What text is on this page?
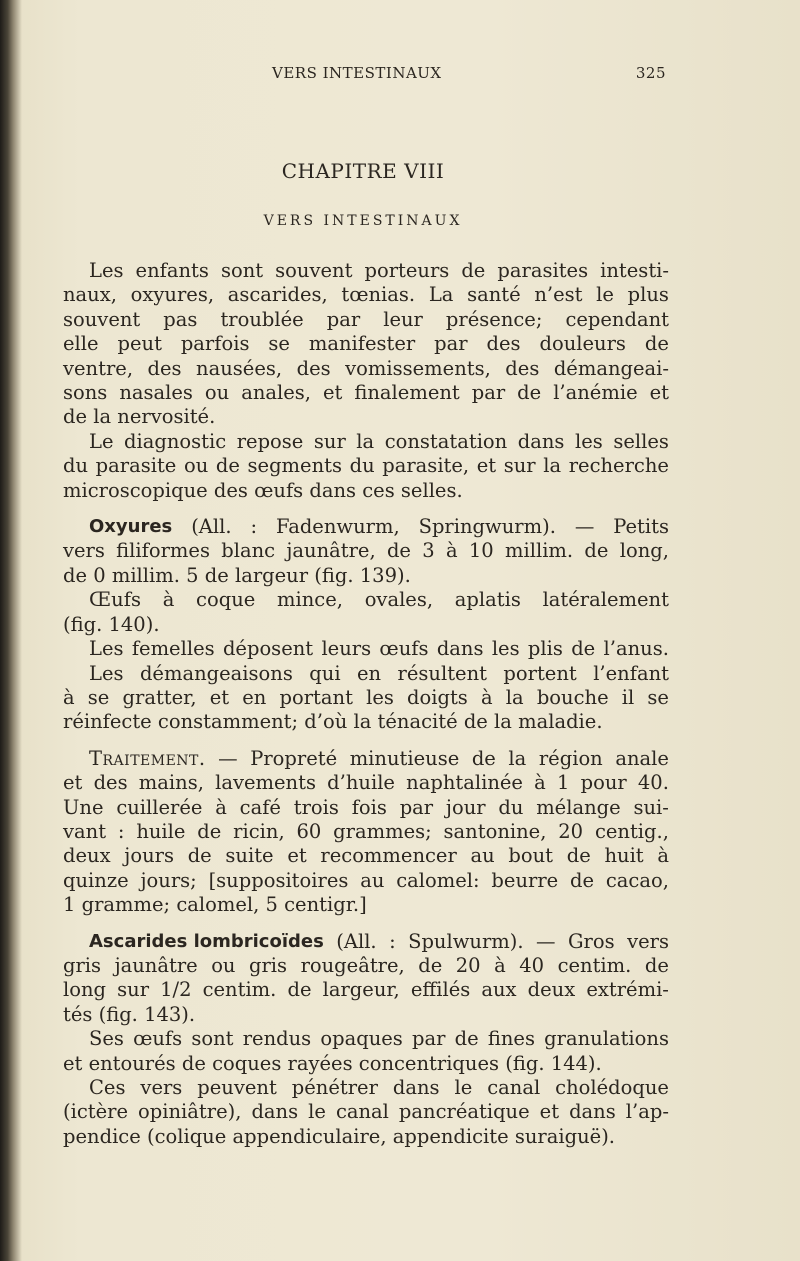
VERS INTESTINAUX	325
CHAPITRE VIII
VERS INTESTINAUX
Les enfants sont souvent porteurs de parasites intesti-
naux, oxyures, ascarides, tœnias. La santé n’est le plus
souvent pas troublée par leur présence; cependant
elle peut parfois se manifester par des douleurs de
ventre, des nausées, des vomissements, des démangeai-
sons nasales ou anales, et finalement par de l’anémie et
de la nervosité.
Le diagnostic repose sur la constatation dans les selles
du parasite ou de segments du parasite, et sur la recherche
microscopique des œufs dans ces selles.
Oxyures (All. : Fadenwurm, Springwurm). — Petits
vers filiformes blanc jaunâtre, de 3 à 10 millim. de long,
de 0 millim. 5 de largeur (fig. 139).
Œufs à coque mince, ovales, aplatis latéralement
(fig. 140).
Les femelles déposent leurs œufs dans les plis de l’anus.
Les démangeaisons qui en résultent portent l’enfant
à se gratter, et en portant les doigts à la bouche il se
réinfecte constamment; d’où la ténacité de la maladie.
Traitement. — Propreté minutieuse de la région anale
et des mains, lavements d’huile naphtalinée à 1 pour 40.
Une cuillerée à café trois fois par jour du mélange sui-
vant : huile de ricin, 60 grammes; santonine, 20 centig.,
deux jours de suite et recommencer au bout de huit à
quinze jours; [suppositoires au calomel: beurre de cacao,
1 gramme; calomel, 5 centigr.]
Ascarides lombricoïdes (All. : Spulwurm). — Gros vers
gris jaunâtre ou gris rougeâtre, de 20 à 40 centim. de
long sur 1/2 centim. de largeur, effilés aux deux extrémi-
tés (fig. 143).
Ses œufs sont rendus opaques par de fines granulations
et entourés de coques rayées concentriques (fig. 144).
Ces vers peuvent pénétrer dans le canal cholédoque
(ictère opiniâtre), dans le canal pancréatique et dans l’ap-
pendice (colique appendiculaire, appendicite suraiguë).
